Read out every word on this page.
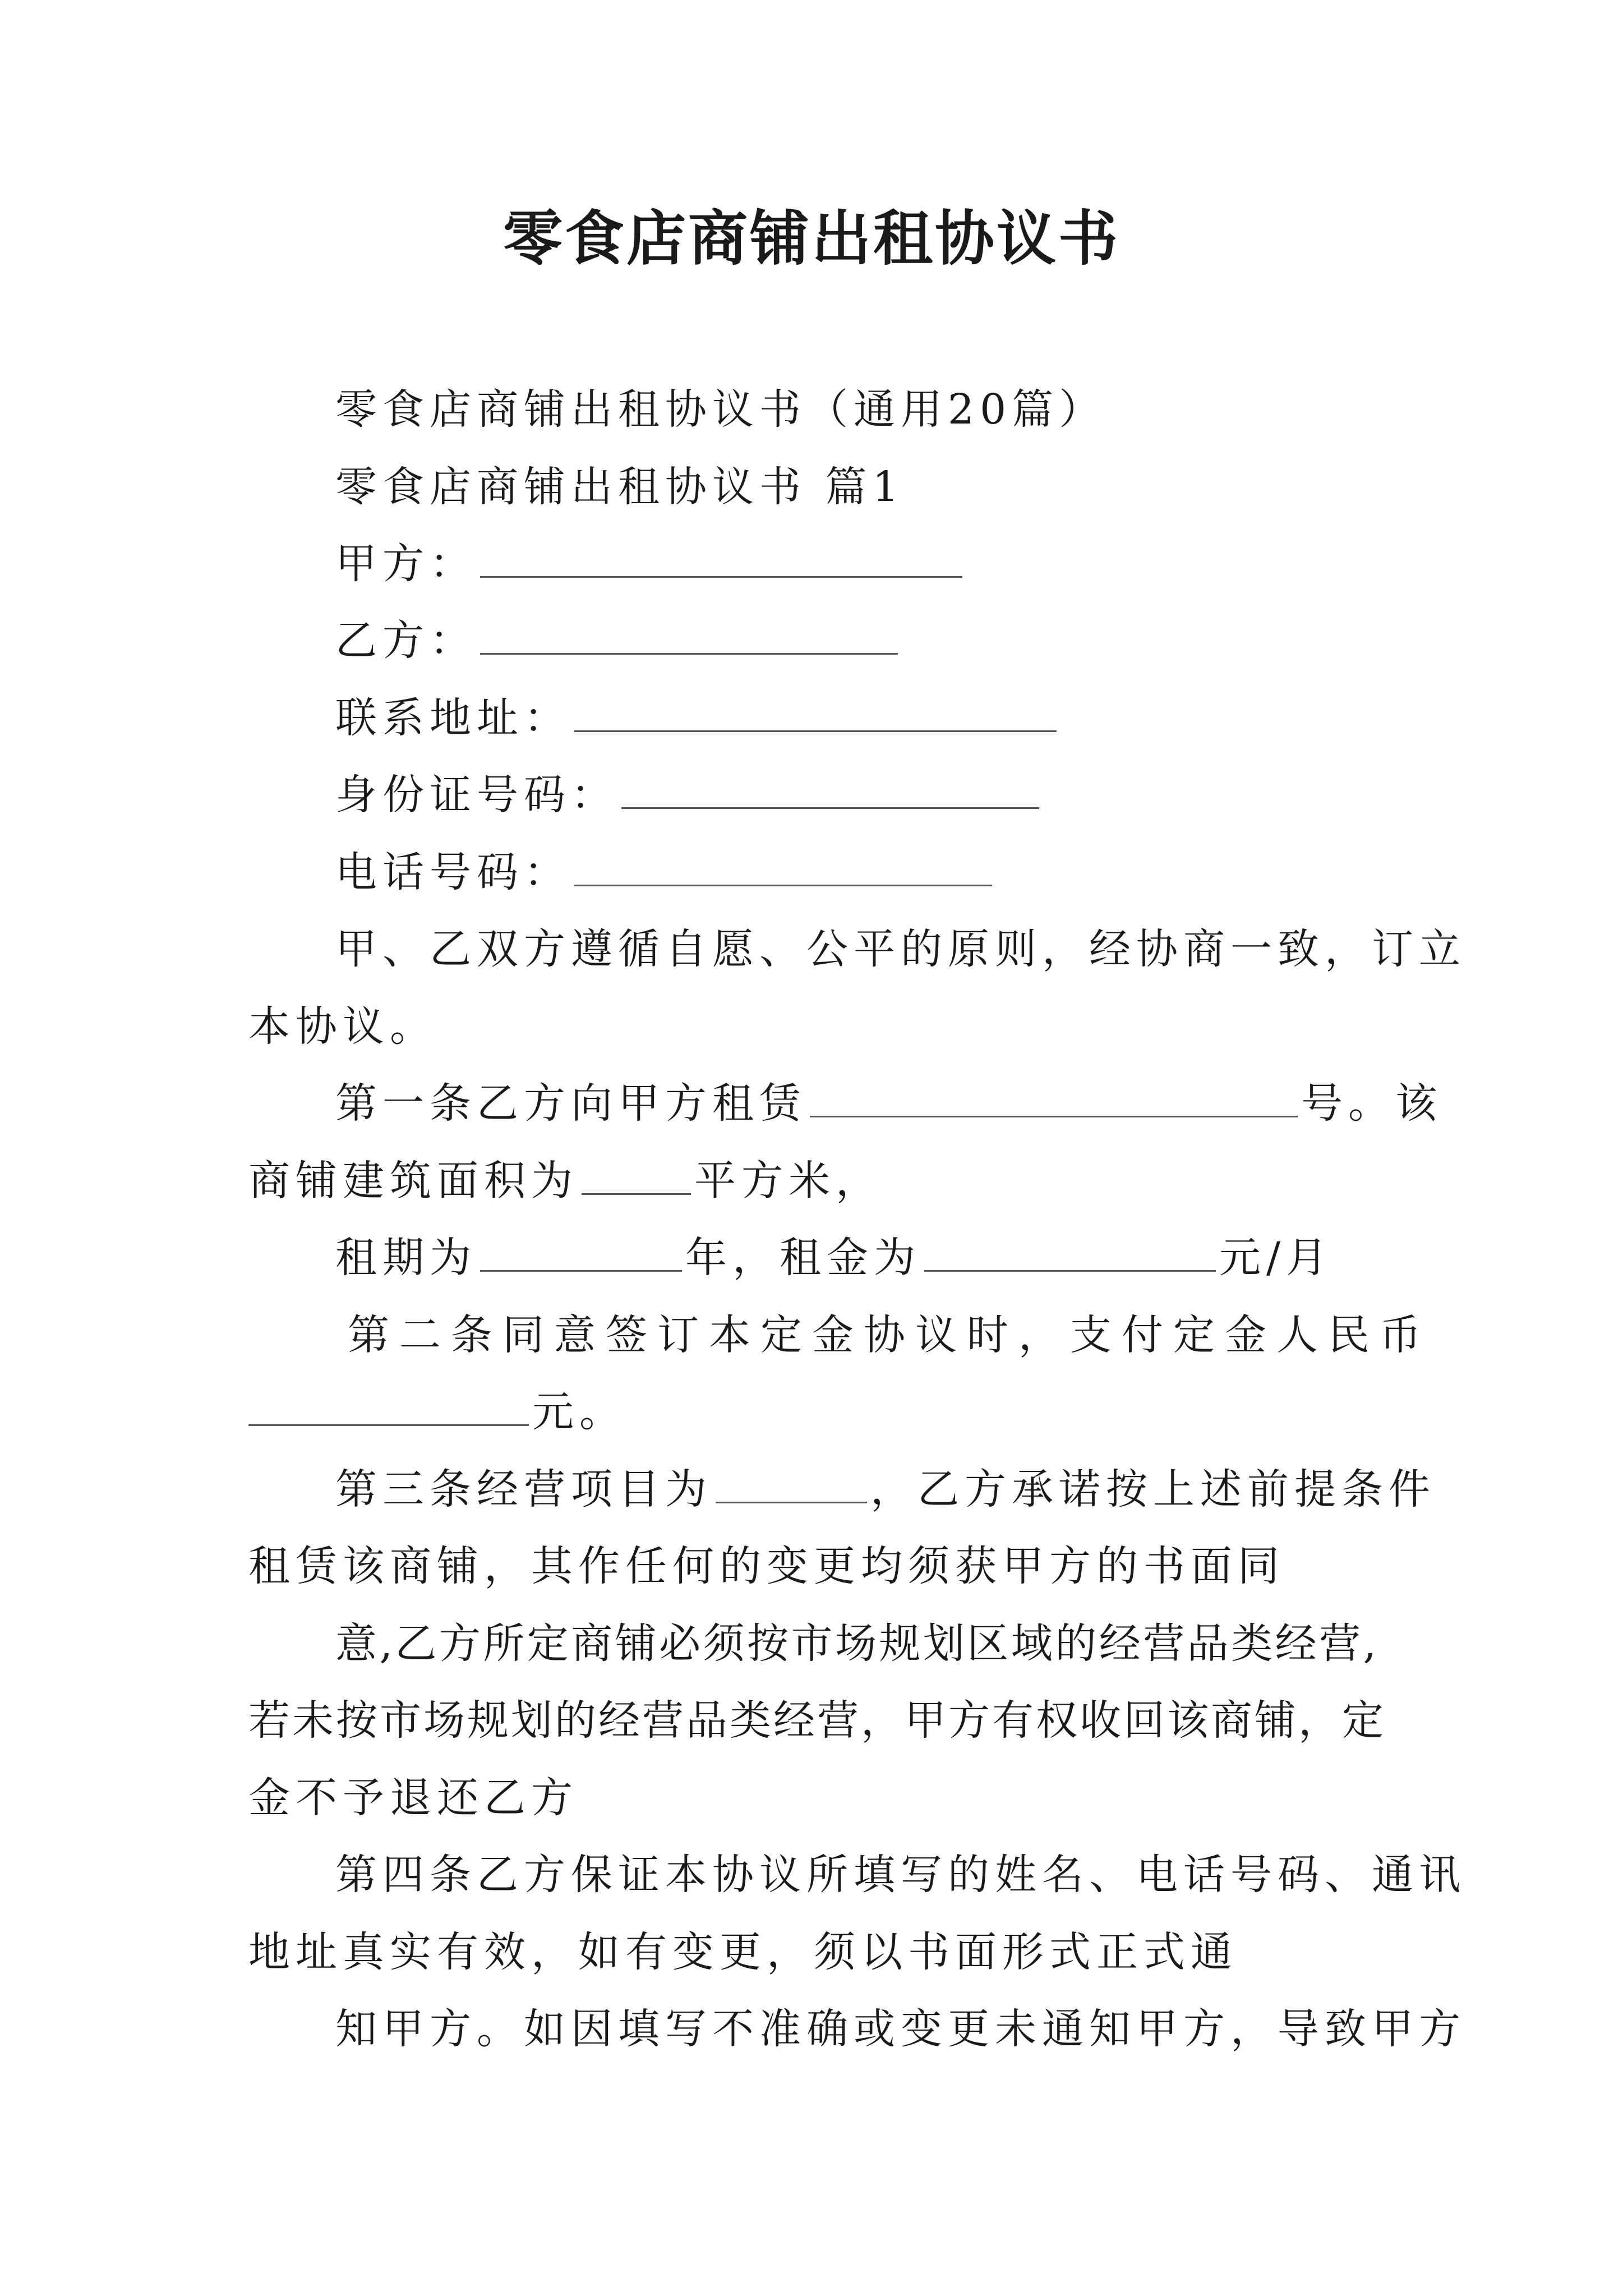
零食店商铺出租协议书
零食店商铺出租协议书（通用20篇）
零食店商铺出租协议书 篇1
甲方：
乙方：
联系地址：
身份证号码：
电话号码：
甲、乙双方遵循自愿、公平的原则，经协商一致，订立
本协议。
第一条乙方向甲方租赁	号。该
商铺建筑面积为	平方米，
租期为	年，租金为	元/月
第二条同意签订本定金协议时，支付定金人民币
元。
第三条经营项目为	，乙方承诺按上述前提条件
租赁该商铺，其作任何的变更均须获甲方的书面同
意,乙方所定商铺必须按市场规划区域的经营品类经营,
若未按市场规划的经营品类经营，甲方有权收回该商铺，定
金不予退还乙方
第四条乙方保证本协议所填写的姓名、电话号码、通讯
地址真实有效，如有变更，须以书面形式正式通
知甲方。如因填写不准确或变更未通知甲方，导致甲方
